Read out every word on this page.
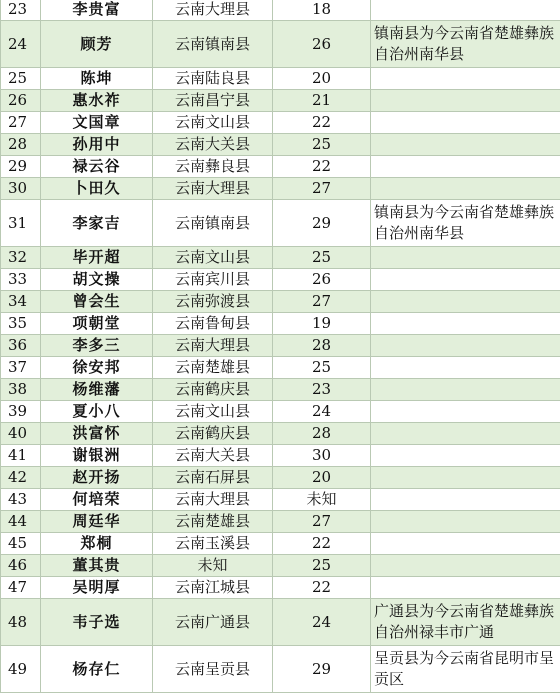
23	李贵富	云南大理县	18	
24	顾芳	云南镇南县	26	镇南县为今云南省楚雄彝族自治州南华县
25	陈坤	云南陆良县	20	
26	惠水祚	云南昌宁县	21	
27	文国章	云南文山县	22	
28	孙用中	云南大关县	25	
29	禄云谷	云南彝良县	22	
30	卜田久	云南大理县	27	
31	李家吉	云南镇南县	29	镇南县为今云南省楚雄彝族自治州南华县
32	毕开超	云南文山县	25	
33	胡文操	云南宾川县	26	
34	曾会生	云南弥渡县	27	
35	项朝堂	云南鲁甸县	19	
36	李多三	云南大理县	28	
37	徐安邦	云南楚雄县	25	
38	杨维藩	云南鹤庆县	23	
39	夏小八	云南文山县	24	
40	洪富怀	云南鹤庆县	28	
41	谢银洲	云南大关县	30	
42	赵开扬	云南石屏县	20	
43	何培荣	云南大理县	未知	
44	周廷华	云南楚雄县	27	
45	郑桐	云南玉溪县	22	
46	董其贵	未知	25	
47	吴明厚	云南江城县	22	
48	韦子选	云南广通县	24	广通县为今云南省楚雄彝族自治州禄丰市广通
49	杨存仁	云南呈贡县	29	呈贡县为今云南省昆明市呈贡区
